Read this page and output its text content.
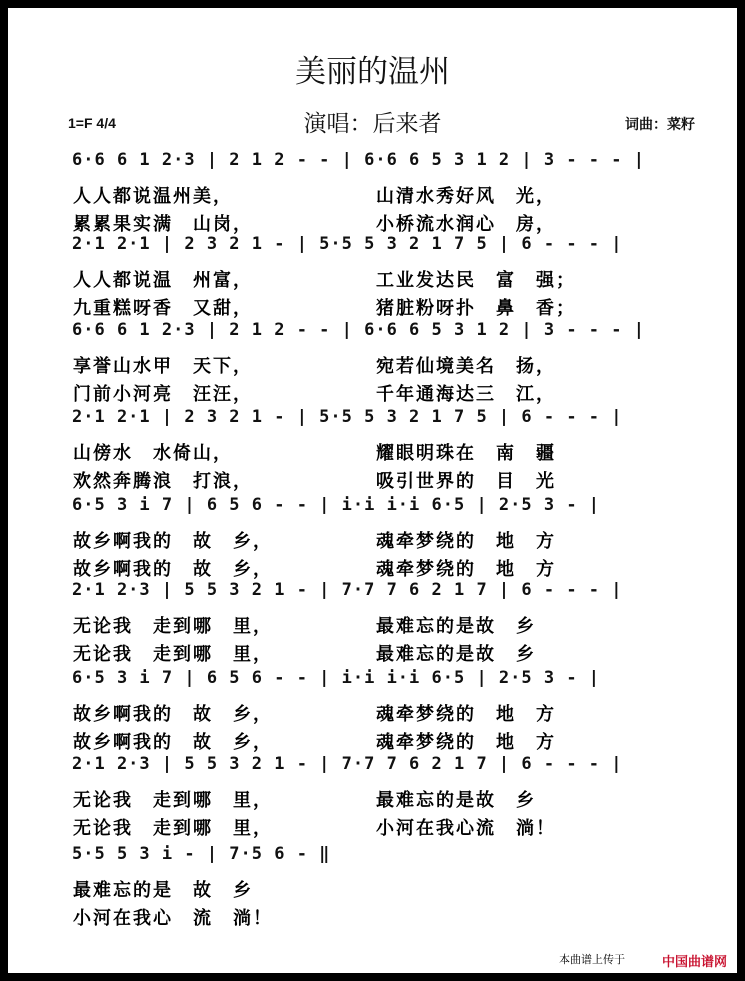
美丽的温州
演唱：后来者
1=F 4/4	词曲：菜籽
6·6 6 1 2·3 | 2 1 2 - - | 6·6 6 5 3 1 2 | 3 - - - |
人人都说温州美，	山清水秀好风　光，
累累果实满　山岗，	小桥流水润心　房，
2·1 2·1 | 2 3 2 1 - | 5·5 5 3 2 1 7 5 | 6 - - - |
人人都说温　州富，	工业发达民　富　强；
九重糕呀香　又甜，	猪脏粉呀扑　鼻　香；
6·6 6 1 2·3 | 2 1 2 - - | 6·6 6 5 3 1 2 | 3 - - - |
享誉山水甲　天下，	宛若仙境美名　扬，
门前小河亮　汪汪，	千年通海达三　江，
2·1 2·1 | 2 3 2 1 - | 5·5 5 3 2 1 7 5 | 6 - - - |
山傍水　水倚山，	耀眼明珠在　南　疆
欢然奔腾浪　打浪，	吸引世界的　目　光
6·5 3 i 7 | 6 5 6 - - | i·i i·i 6·5 | 2·5 3 - |
故乡啊我的　故　乡，	魂牵梦绕的　地　方
故乡啊我的　故　乡，	魂牵梦绕的　地　方
2·1 2·3 | 5 5 3 2 1 - | 7·7 7 6 2 1 7 | 6 - - - |
无论我　走到哪　里，	最难忘的是故　乡
无论我　走到哪　里，	最难忘的是故　乡
6·5 3 i 7 | 6 5 6 - - | i·i i·i 6·5 | 2·5 3 - |
故乡啊我的　故　乡，	魂牵梦绕的　地　方
故乡啊我的　故　乡，	魂牵梦绕的　地　方
2·1 2·3 | 5 5 3 2 1 - | 7·7 7 6 2 1 7 | 6 - - - |
无论我　走到哪　里，	最难忘的是故　乡
无论我　走到哪　里，	小河在我心流　淌！
5·5 5 3 i - | 7·5 6 - ‖
最难忘的是　故　乡
小河在我心　流　淌！
本曲谱上传于	中国曲谱网
